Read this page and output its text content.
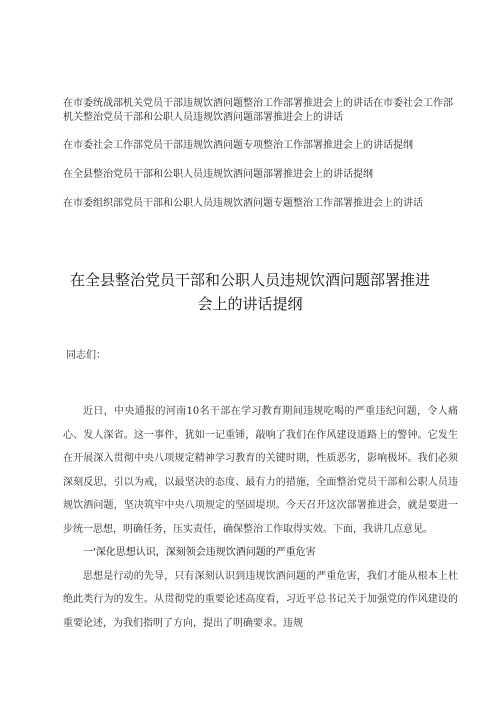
在市委统战部机关党员干部违规饮酒问题整治工作部署推进会上的讲话在市委社会工作部机关整治党员干部和公职人员违规饮酒问题部署推进会上的讲话

在市委社会工作部党员干部违规饮酒问题专项整治工作部署推进会上的讲话提纲

在全县整治党员干部和公职人员违规饮酒问题部署推进会上的讲话提纲

在市委组织部党员干部和公职人员违规饮酒问题专题整治工作部署推进会上的讲话

在全县整治党员干部和公职人员违规饮酒问题部署推进
会上的讲话提纲
同志们：

近日，中央通报的河南10名干部在学习教育期间违规吃喝的严重违纪问题，令人痛心、发人深省。这一事件，犹如一记重锤，敲响了我们在作风建设道路上的警钟。它发生在开展深入贯彻中央八项规定精神学习教育的关键时期，性质恶劣，影响极坏。我们必须深刻反思，引以为戒，以最坚决的态度、最有力的措施，全面整治党员干部和公职人员违规饮酒问题，坚决筑牢中央八项规定的坚固堤坝。今天召开这次部署推进会，就是要进一步统一思想，明确任务，压实责任，确保整治工作取得实效。下面，我讲几点意见。

一'深化思想认识，深刻领会违规饮酒问题的严重危害

思想是行动的先导，只有深刻认识到违规饮酒问题的严重危害，我们才能从根本上杜绝此类行为的发生。从贯彻党的重要论述高度看，习近平总书记关于加强党的作风建设的重要论述，为我们指明了方向，提出了明确要求。违规
